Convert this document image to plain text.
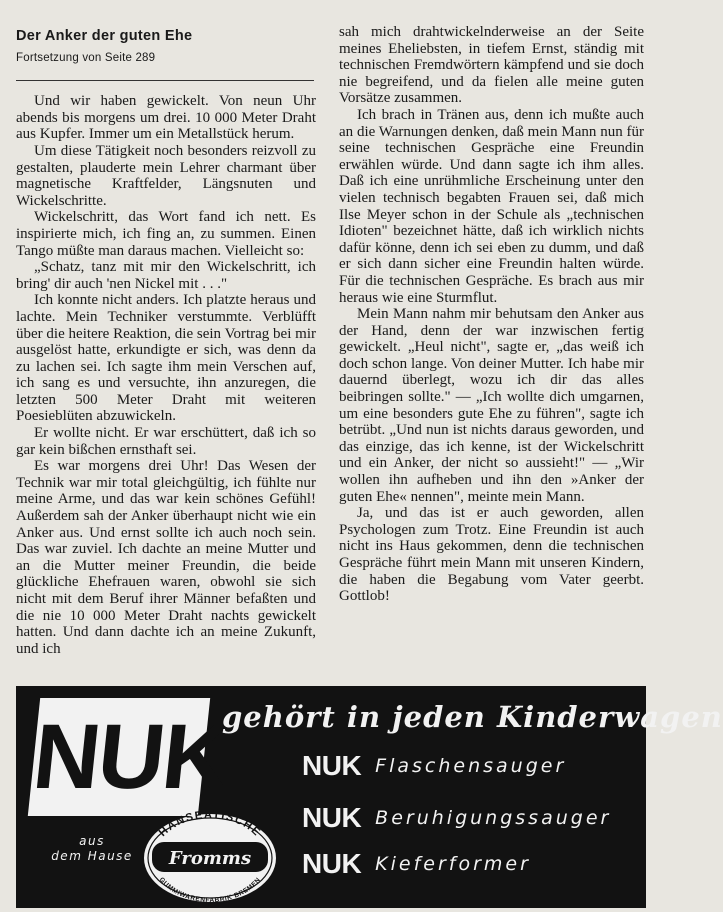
Der Anker der guten Ehe
Fortsetzung von Seite 289

Und wir haben gewickelt. Von neun Uhr abends bis morgens um drei. 10 000 Meter Draht aus Kupfer. Immer um ein Metallstück herum.

Um diese Tätigkeit noch besonders reizvoll zu gestalten, plauderte mein Lehrer charmant über magnetische Kraftfelder, Längsnuten und Wickelschritte.

Wickelschritt, das Wort fand ich nett. Es inspirierte mich, ich fing an, zu summen. Einen Tango müßte man daraus machen. Vielleicht so:

„Schatz, tanz mit mir den Wickelschritt, ich bring' dir auch 'nen Nickel mit . . ."

Ich konnte nicht anders. Ich platzte heraus und lachte. Mein Techniker verstummte. Verblüfft über die heitere Reaktion, die sein Vortrag bei mir ausgelöst hatte, erkundigte er sich, was denn da zu lachen sei. Ich sagte ihm mein Verschen auf, ich sang es und versuchte, ihn anzuregen, die letzten 500 Meter Draht mit weiteren Poesieblüten abzuwickeln.

Er wollte nicht. Er war erschüttert, daß ich so gar kein bißchen ernsthaft sei.

Es war morgens drei Uhr! Das Wesen der Technik war mir total gleichgültig, ich fühlte nur meine Arme, und das war kein schönes Gefühl! Außerdem sah der Anker überhaupt nicht wie ein Anker aus. Und ernst sollte ich auch noch sein. Das war zuviel. Ich dachte an meine Mutter und an die Mutter meiner Freundin, die beide glückliche Ehefrauen waren, obwohl sie sich nicht mit dem Beruf ihrer Männer befaßten und die nie 10 000 Meter Draht nachts gewickelt hatten. Und dann dachte ich an meine Zukunft, und ich

sah mich drahtwickelnderweise an der Seite meines Eheliebsten, in tiefem Ernst, ständig mit technischen Fremdwörtern kämpfend und sie doch nie begreifend, und da fielen alle meine guten Vorsätze zusammen.

Ich brach in Tränen aus, denn ich mußte auch an die Warnungen denken, daß mein Mann nun für seine technischen Gespräche eine Freundin erwählen würde. Und dann sagte ich ihm alles. Daß ich eine unrühmliche Erscheinung unter den vielen technisch begabten Frauen sei, daß mich Ilse Meyer schon in der Schule als „technischen Idioten" bezeichnet hätte, daß ich wirklich nichts dafür könne, denn ich sei eben zu dumm, und daß er sich dann sicher eine Freundin halten würde. Für die technischen Gespräche. Es brach aus mir heraus wie eine Sturmflut.

Mein Mann nahm mir behutsam den Anker aus der Hand, denn der war inzwischen fertig gewickelt. „Heul nicht", sagte er, „das weiß ich doch schon lange. Von deiner Mutter. Ich habe mir dauernd überlegt, wozu ich dir das alles beibringen sollte." — „Ich wollte dich umgarnen, um eine besonders gute Ehe zu führen", sagte ich betrübt. „Und nun ist nichts daraus geworden, und das einzige, das ich kenne, ist der Wickelschritt und ein Anker, der nicht so aussieht!" — „Wir wollen ihn aufheben und ihn den »Anker der guten Ehe« nennen", meinte mein Mann.

Ja, und das ist er auch geworden, allen Psychologen zum Trotz. Eine Freundin ist auch nicht ins Haus gekommen, denn die technischen Gespräche führt mein Mann mit unseren Kindern, die haben die Begabung vom Vater geerbt. Gottlob!

NUK
gehört in jeden Kinderwagen
NUK Flaschensauger
NUK Beruhigungssauger
NUK Kieferformer
aus
dem Hause
HANSEATISCHE
Fromms
GUMMIWARENFABRIK BREMEN
